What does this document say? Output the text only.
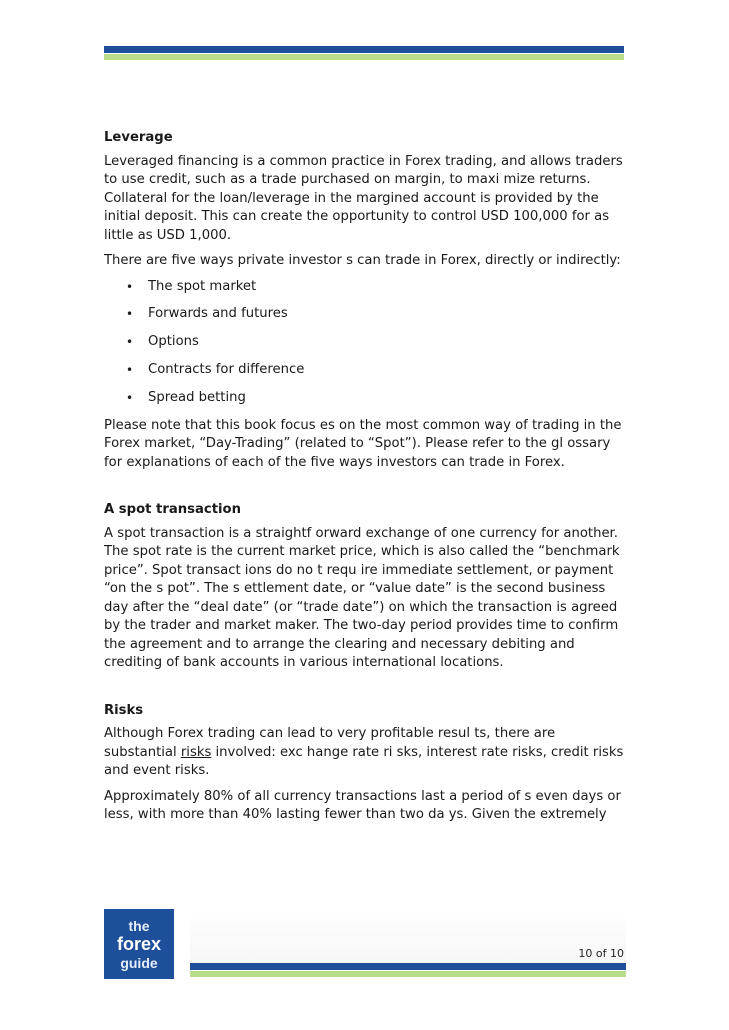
Leverage

Leveraged financing is a common practice in Forex trading, and allows traders to use credit, such as a trade purchased on margin, to maxi mize returns. Collateral for the loan/leverage in the margined account is provided by the initial deposit. This can create the opportunity to control USD 100,000 for as little as USD 1,000.

There are five ways private investor s can trade in Forex, directly or indirectly:

• The spot market
• Forwards and futures
• Options
• Contracts for difference
• Spread betting

Please note that this book focus es on the most common way of trading in the Forex market, “Day-Trading” (related to “Spot”). Please refer to the gl ossary for explanations of each of the five ways investors can trade in Forex.

A spot transaction

A spot transaction is a straightf orward exchange of one currency for another. The spot rate is the current market price, which is also called the “benchmark price”. Spot transact ions do no t requ ire immediate settlement, or payment “on the s pot”. The s ettlement date, or “value date” is the second business day after the “deal date” (or “trade date”) on which the transaction is agreed by the trader and market maker. The two-day period provides time to confirm the agreement and to arrange the clearing and necessary debiting and crediting of bank accounts in various international locations.

Risks

Although Forex trading can lead to very profitable resul ts, there are substantial risks involved: exc hange rate ri sks, interest rate risks, credit risks and event risks.

Approximately 80% of all currency transactions last a period of s even days or less, with more than 40% lasting fewer than two da ys. Given the extremely

the
forex
guide
10 of 10
